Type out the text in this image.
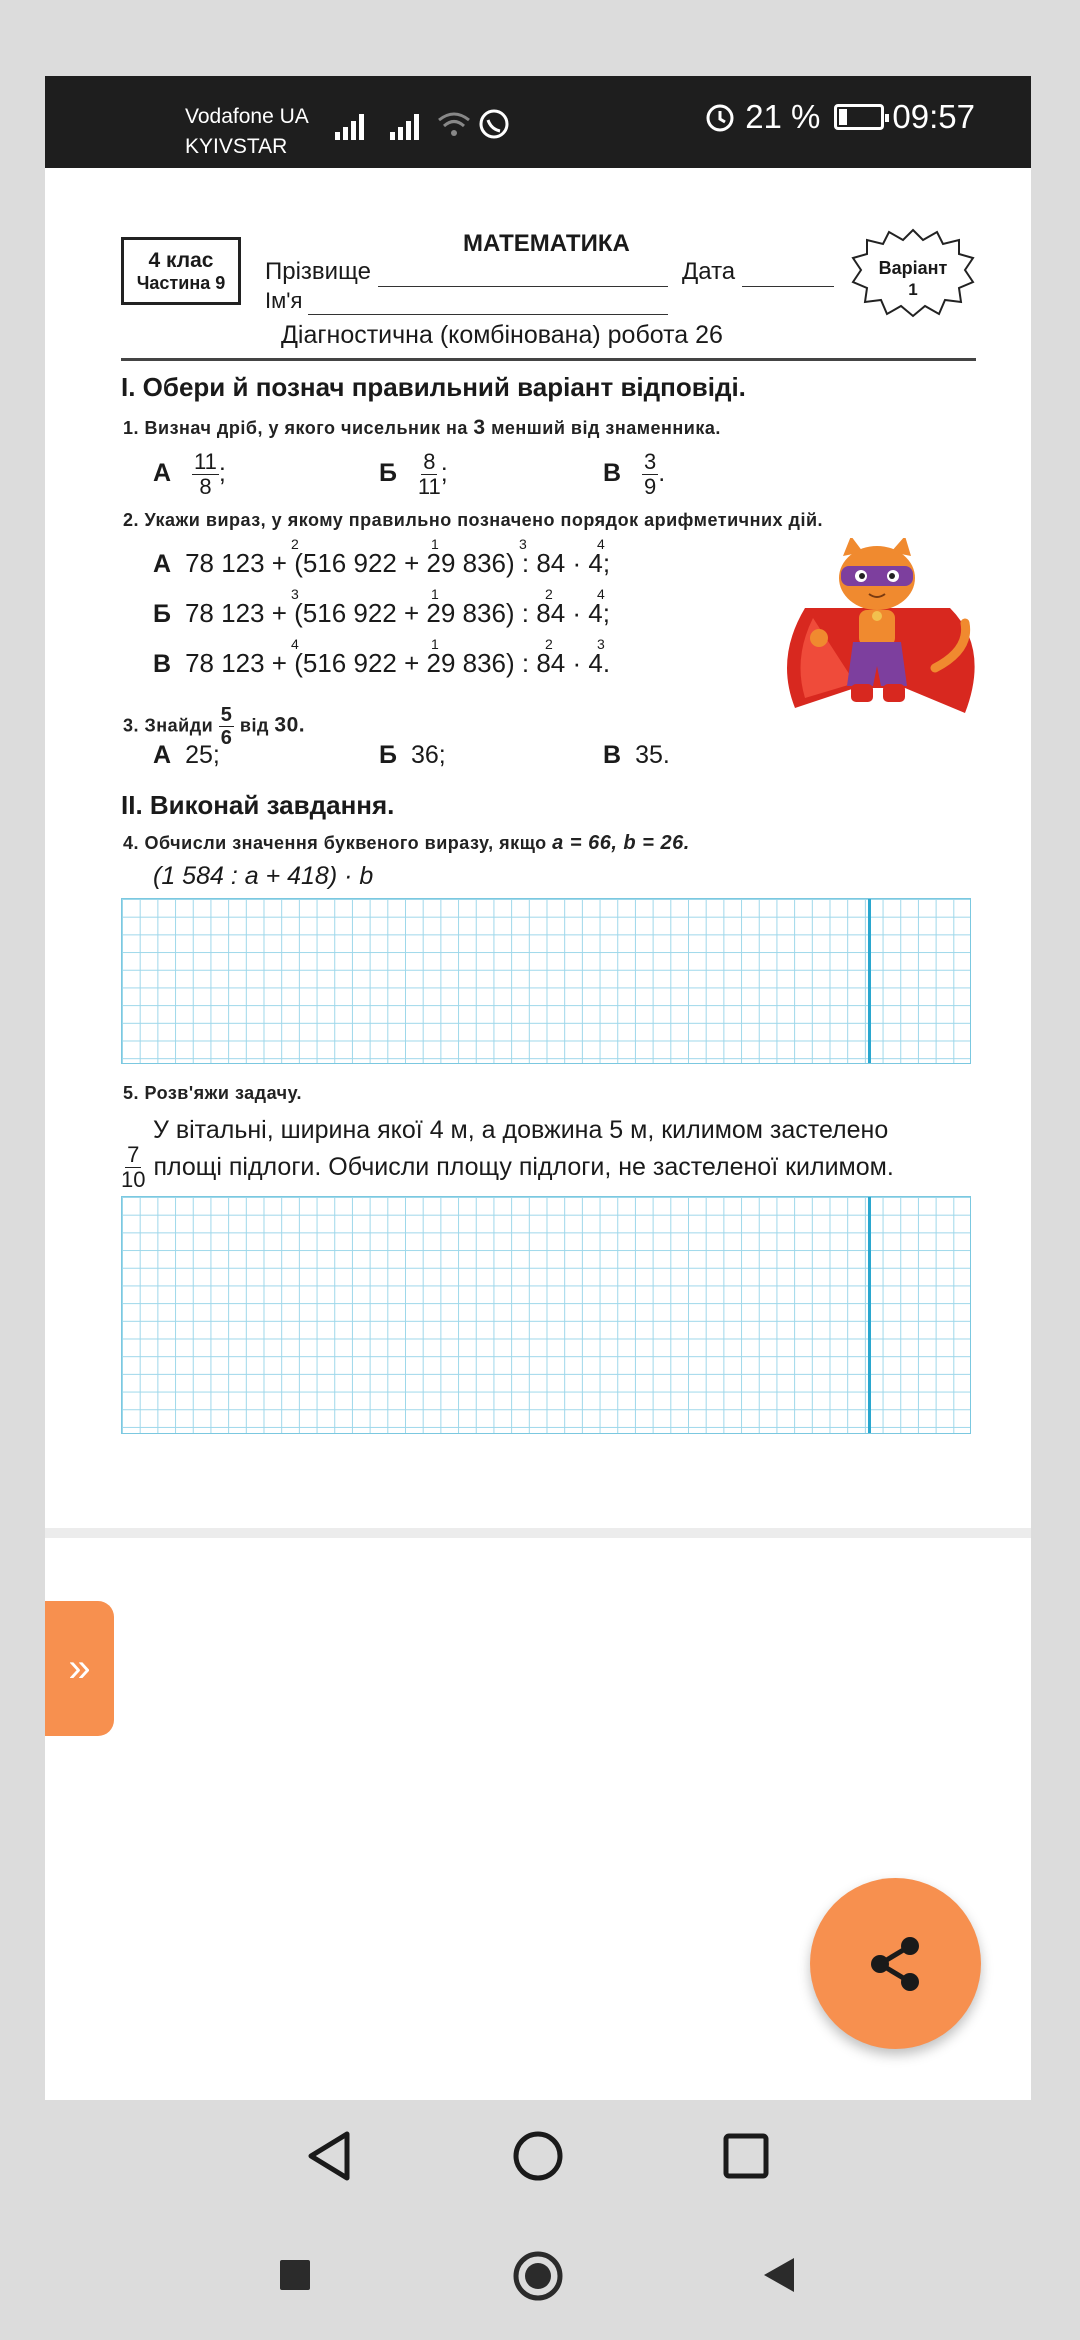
Vodafone UA
KYIVSTAR
21 % 09:57
4 клас
Частина 9
МАТЕМАТИКА
Прізвище	Дата
Ім'я
Діагностична (комбінована) робота 26
Варіант
1
I. Обери й познач правильний варіант відповіді.
1. Визнач дріб, у якого чисельник на 3 менший від знаменника.
А $\frac{11}{8}$ ;	Б $\frac{8}{11}$ ;	В $\frac{3}{9}$ .
2. Укажи вираз, у якому правильно позначено порядок арифметичних дій.
А 78 123 + (516 922 + 29 836) : 84 · 4;
2	1	3	4
Б 78 123 + (516 922 + 29 836) : 84 · 4;
3	1	2	4
В 78 123 + (516 922 + 29 836) : 84 · 4.
4	1	2	3
3. Знайди $\frac{5}{6}$ від 30.
А 25;	Б 36;	В 35.
II. Виконай завдання.
4. Обчисли значення буквеного виразу, якщо a = 66, b = 26.
(1 584 : a + 418) · b
5. Розв'яжи задачу.
У вітальні, ширина якої 4 м, а довжина 5 м, килимом застелено
$\frac{7}{10}$ площі підлоги. Обчисли площу підлоги, не застеленої килимом.
»
